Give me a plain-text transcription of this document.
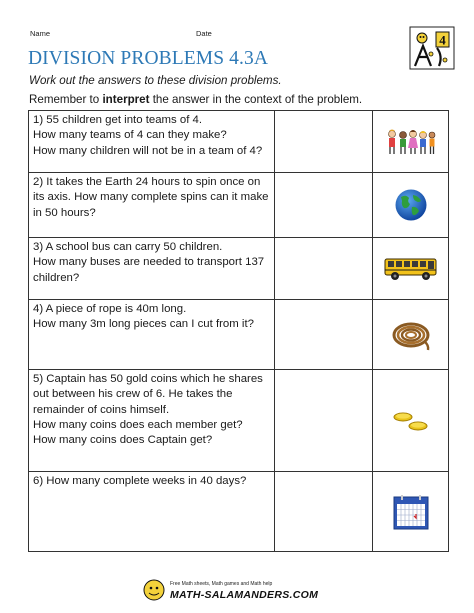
Name	Date	4
DIVISION PROBLEMS 4.3A
Work out the answers to these division problems.
Remember to interpret the answer in the context of the problem.
1) 55 children get into teams of 4.
How many teams of 4 can they make?
How many children will not be in a team of 4?

2) It takes the Earth 24 hours to spin once on
its axis. How many complete spins can it make
in 50 hours?

3) A school bus can carry 50 children.
How many buses are needed to transport 137
children?

4) A piece of rope is 40m long.
How many 3m long pieces can I cut from it?

5) Captain has 50 gold coins which he shares
out between his crew of 6. He takes the
remainder of coins himself.
How many coins does each member get?
How many coins does Captain get?

6) How many complete weeks in 40 days?

Free Math sheets, Math games and Math help
MATH-SALAMANDERS.COM
